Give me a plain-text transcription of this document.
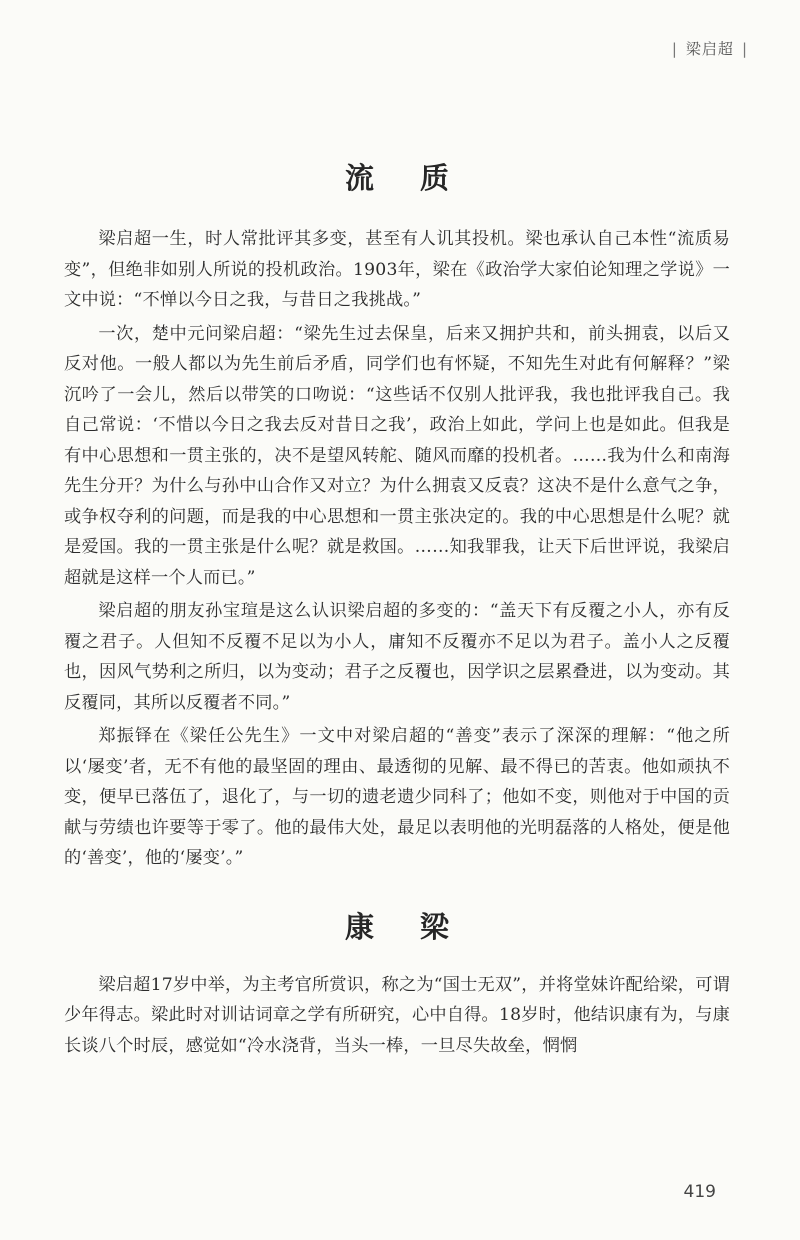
| 梁启超 |
流 质

梁启超一生，时人常批评其多变，甚至有人讥其投机。梁也承认自己本性“流质易变”，但绝非如别人所说的投机政治。1903年，梁在《政治学大家伯论知理之学说》一文中说：“不惮以今日之我，与昔日之我挑战。”

一次，楚中元问梁启超：“梁先生过去保皇，后来又拥护共和，前头拥袁，以后又反对他。一般人都以为先生前后矛盾，同学们也有怀疑，不知先生对此有何解释？”梁沉吟了一会儿，然后以带笑的口吻说：“这些话不仅别人批评我，我也批评我自己。我自己常说：‘不惜以今日之我去反对昔日之我’，政治上如此，学问上也是如此。但我是有中心思想和一贯主张的，决不是望风转舵、随风而靡的投机者。……我为什么和南海先生分开？为什么与孙中山合作又对立？为什么拥袁又反袁？这决不是什么意气之争，或争权夺利的问题，而是我的中心思想和一贯主张决定的。我的中心思想是什么呢？就是爱国。我的一贯主张是什么呢？就是救国。……知我罪我，让天下后世评说，我梁启超就是这样一个人而已。”

梁启超的朋友孙宝瑄是这么认识梁启超的多变的：“盖天下有反覆之小人，亦有反覆之君子。人但知不反覆不足以为小人，庸知不反覆亦不足以为君子。盖小人之反覆也，因风气势利之所归，以为变动；君子之反覆也，因学识之层累叠进，以为变动。其反覆同，其所以反覆者不同。”

郑振铎在《梁任公先生》一文中对梁启超的“善变”表示了深深的理解：“他之所以‘屡变’者，无不有他的最坚固的理由、最透彻的见解、最不得已的苦衷。他如顽执不变，便早已落伍了，退化了，与一切的遗老遗少同科了；他如不变，则他对于中国的贡献与劳绩也许要等于零了。他的最伟大处，最足以表明他的光明磊落的人格处，便是他的‘善变’，他的‘屡变’。”

康 梁

梁启超17岁中举，为主考官所赏识，称之为“国士无双”，并将堂妹许配给梁，可谓少年得志。梁此时对训诂词章之学有所研究，心中自得。18岁时，他结识康有为，与康长谈八个时辰，感觉如“冷水浇背，当头一棒，一旦尽失故垒，惘惘

419
